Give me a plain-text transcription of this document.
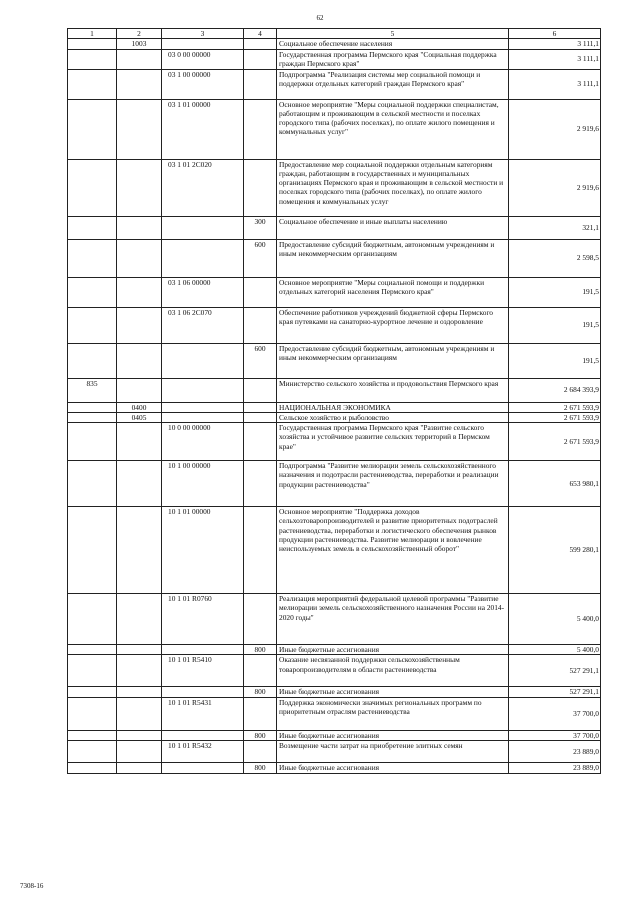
62
1	2	3	4	5	6
	1003			Социальное обеспечение населения	3 111,1
		03 0 00 00000		Государственная программа Пермского края "Социальная поддержка граждан Пермского края"	3 111,1
		03 1 00 00000		Подпрограмма "Реализация системы мер социальной помощи и поддержки отдельных категорий граждан Пермского края"	3 111,1
		03 1 01 00000		Основное мероприятие "Меры социальной поддержки специалистам, работающим и проживающим в сельской местности и поселках городского типа (рабочих поселках), по оплате жилого помещения и коммунальных услуг"	2 919,6
		03 1 01 2С020		Предоставление мер социальной поддержки отдельным категориям граждан, работающим в государственных и муниципальных организациях Пермского края и проживающим в сельской местности и поселках городского типа (рабочих поселках), по оплате жилого помещения и коммунальных услуг	2 919,6
			300	Социальное обеспечение и иные выплаты населению	321,1
			600	Предоставление субсидий бюджетным, автономным учреждениям и иным некоммерческим организациям	2 598,5
		03 1 06 00000		Основное мероприятие "Меры социальной помощи и поддержки отдельных категорий населения Пермского края"	191,5
		03 1 06 2С070		Обеспечение работников учреждений бюджетной сферы Пермского края путевками на санаторно-курортное лечение и оздоровление	191,5
			600	Предоставление субсидий бюджетным, автономным учреждениям и иным некоммерческим организациям	191,5
835				Министерство сельского хозяйства и продовольствия Пермского края	2 684 393,9
	0400			НАЦИОНАЛЬНАЯ ЭКОНОМИКА	2 671 593,9
	0405			Сельское хозяйство и рыболовство	2 671 593,9
		10 0 00 00000		Государственная программа Пермского края "Развитие сельского хозяйства и устойчивое развитие сельских территорий в Пермском крае"	2 671 593,9
		10 1 00 00000		Подпрограмма "Развитие мелиорации земель сельскохозяйственного назначения и подотрасли растениеводства, переработки и реализации продукции растениеводства"	653 980,1
		10 1 01 00000		Основное мероприятие "Поддержка доходов сельхозтоваропроизводителей и развитие приоритетных подотраслей растениеводства, переработки и логистического обеспечения рынков продукции растениеводства. Развитие мелиорации и вовлечение неиспользуемых земель в сельскохозяйственный оборот"	599 280,1
		10 1 01 R0760		Реализация мероприятий федеральной целевой программы "Развитие мелиорации земель сельскохозяйственного назначения России на 2014-2020 годы"	5 400,0
			800	Иные бюджетные ассигнования	5 400,0
		10 1 01 R5410		Оказание несвязанной поддержки сельскохозяйственным товаропроизводителям в области растениеводства	527 291,1
			800	Иные бюджетные ассигнования	527 291,1
		10 1 01 R5431		Поддержка экономически значимых региональных программ по приоритетным отраслям растениеводства	37 700,0
			800	Иные бюджетные ассигнования	37 700,0
		10 1 01 R5432		Возмещение части затрат на приобретение элитных семян	23 889,0
			800	Иные бюджетные ассигнования	23 889,0
7308-16
